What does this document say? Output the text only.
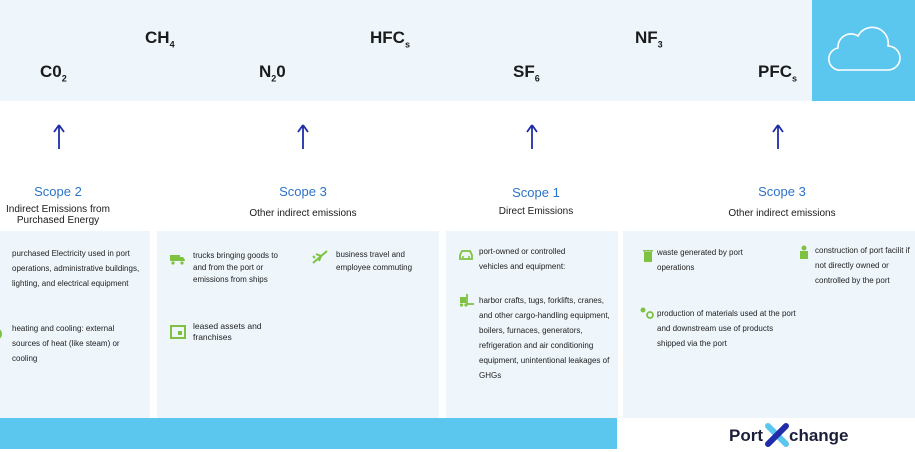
$C0_2$
$CH_4$
$N_20$
$HFC_s$
$SF_6$
$NF_3$
$PFC_s$
Scope 2
Indirect Emissions from Purchased Energy
Scope 3
Other indirect emissions
Scope 1
Direct Emissions
Scope 3
Other indirect emissions
purchased Electricity used in port operations, administrative buildings, lighting, and electrical equipment
heating and cooling: external sources of heat (like steam) or cooling
trucks bringing goods to and from the port or emissions from ships
business travel and employee commuting
leased assets and franchises
port-owned or controlled vehicles and equipment:
harbor crafts, tugs, forklifts, cranes, and other cargo-handling equipment, boilers, furnaces, generators, refrigeration and air conditioning equipment, unintentional leakages of GHGs
waste generated by port operations
construction of port facilit if not directly owned or controlled by the port
production of materials used at the port and downstream use of products shipped via the port
Port change
